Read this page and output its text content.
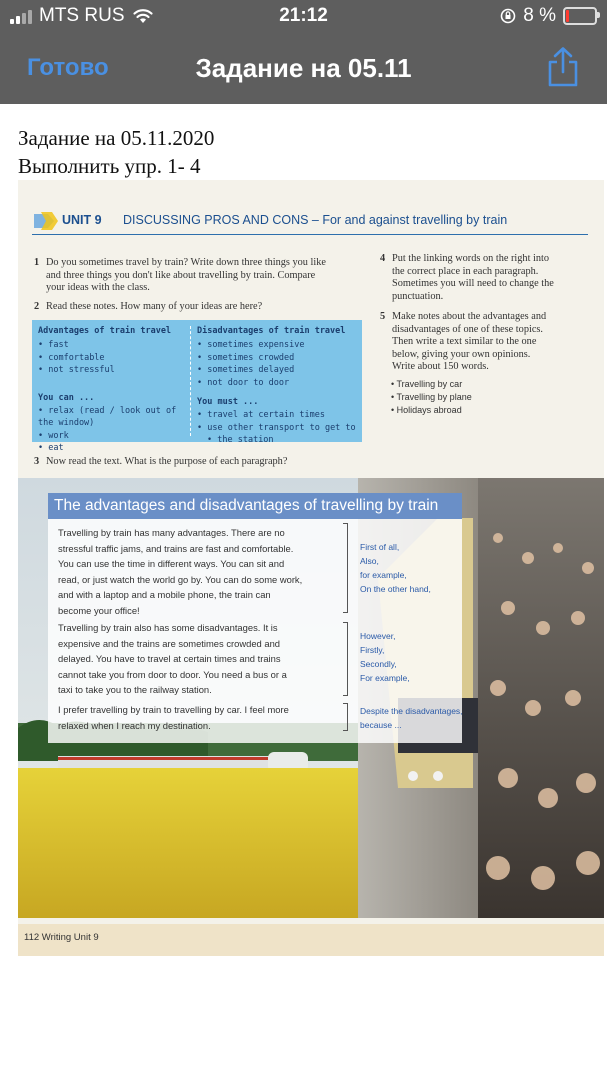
MTS RUS	21:12	8 %
Готово	Задание на 05.11
Задание на 05.11.2020
Выполнить упр. 1- 4
UNIT 9 DISCUSSING PROS AND CONS – For and against travelling by train
1 Do you sometimes travel by train? Write down three things you like
and three things you don't like about travelling by train. Compare
your ideas with the class.
2 Read these notes. How many of your ideas are here?
Advantages of train travel
• fast
• comfortable
• not stressful
You can ...
• relax (read / look out of the window)
• work
• eat
Disadvantages of train travel
• sometimes expensive
• sometimes crowded
• sometimes delayed
• not door to door
You must ...
• travel at certain times
• use other transport to get to
• the station
3 Now read the text. What is the purpose of each paragraph?
4 Put the linking words on the right into
the correct place in each paragraph.
Sometimes you will need to change the
punctuation.
5 Make notes about the advantages and
disadvantages of one of these topics.
Then write a text similar to the one
below, giving your own opinions.
Write about 150 words.
• Travelling by car
• Travelling by plane
• Holidays abroad
The advantages and disadvantages of travelling by train
Travelling by train has many advantages. There are no
stressful traffic jams, and trains are fast and comfortable.
You can use the time in different ways. You can sit and
read, or just watch the world go by. You can do some work,
and with a laptop and a mobile phone, the train can
become your office!
First of all,
Also,
for example,
On the other hand,
Travelling by train also has some disadvantages. It is
expensive and the trains are sometimes crowded and
delayed. You have to travel at certain times and trains
cannot take you from door to door. You need a bus or a
taxi to take you to the railway station.
However,
Firstly,
Secondly,
For example,
I prefer travelling by train to travelling by car. I feel more
relaxed when I reach my destination.
Despite the disadvantages,
because ...
112 Writing Unit 9
